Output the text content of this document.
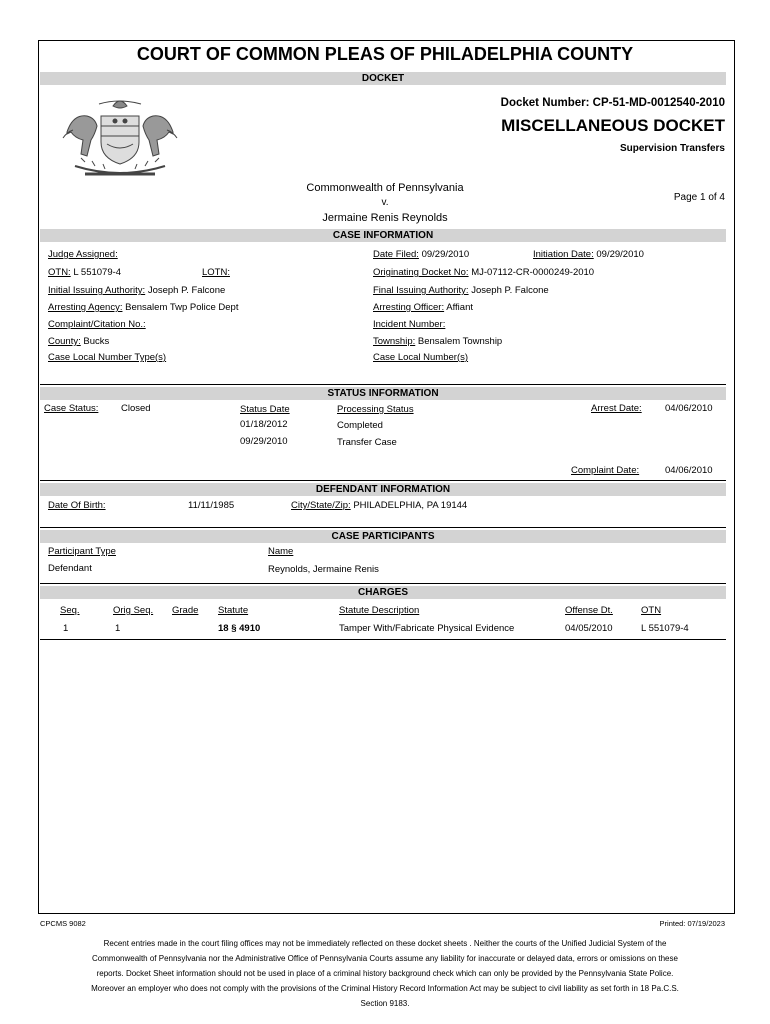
COURT OF COMMON PLEAS OF PHILADELPHIA COUNTY
DOCKET
Docket Number: CP-51-MD-0012540-2010
MISCELLANEOUS DOCKET
Supervision Transfers
Commonwealth of Pennsylvania
v.
Jermaine Renis Reynolds
Page 1 of 4
CASE INFORMATION
Judge Assigned:	Date Filed: 09/29/2010	Initiation Date: 09/29/2010
OTN: L 551079-4	LOTN:	Originating Docket No: MJ-07112-CR-0000249-2010
Initial Issuing Authority: Joseph P. Falcone	Final Issuing Authority: Joseph P. Falcone
Arresting Agency: Bensalem Twp Police Dept	Arresting Officer: Affiant
Complaint/Citation No.:	Incident Number:
County: Bucks	Township: Bensalem Township
Case Local Number Type(s)	Case Local Number(s)
STATUS INFORMATION
Case Status: Closed	Status Date	Processing Status
01/18/2012	Completed
09/29/2010	Transfer Case
Arrest Date: 04/06/2010
Complaint Date:	04/06/2010
DEFENDANT INFORMATION
Date Of Birth:	11/11/1985	City/State/Zip: PHILADELPHIA, PA 19144
CASE PARTICIPANTS
Participant Type	Name
Defendant	Reynolds, Jermaine Renis
CHARGES
Seq.	Orig Seq. Grade Statute	Statute Description	Offense Dt.	OTN
1	1	18 § 4910	Tamper With/Fabricate Physical Evidence	04/05/2010	L 551079-4
CPCMS 9082	Printed: 07/19/2023
Recent entries made in the court filing offices may not be immediately reflected on these docket sheets . Neither the courts of the Unified Judicial System of the Commonwealth of Pennsylvania nor the Administrative Office of Pennsylvania Courts assume any liability for inaccurate or delayed data, errors or omissions on these reports. Docket Sheet information should not be used in place of a criminal history background check which can only be provided by the Pennsylvania State Police. Moreover an employer who does not comply with the provisions of the Criminal History Record Information Act may be subject to civil liability as set forth in 18 Pa.C.S. Section 9183.
